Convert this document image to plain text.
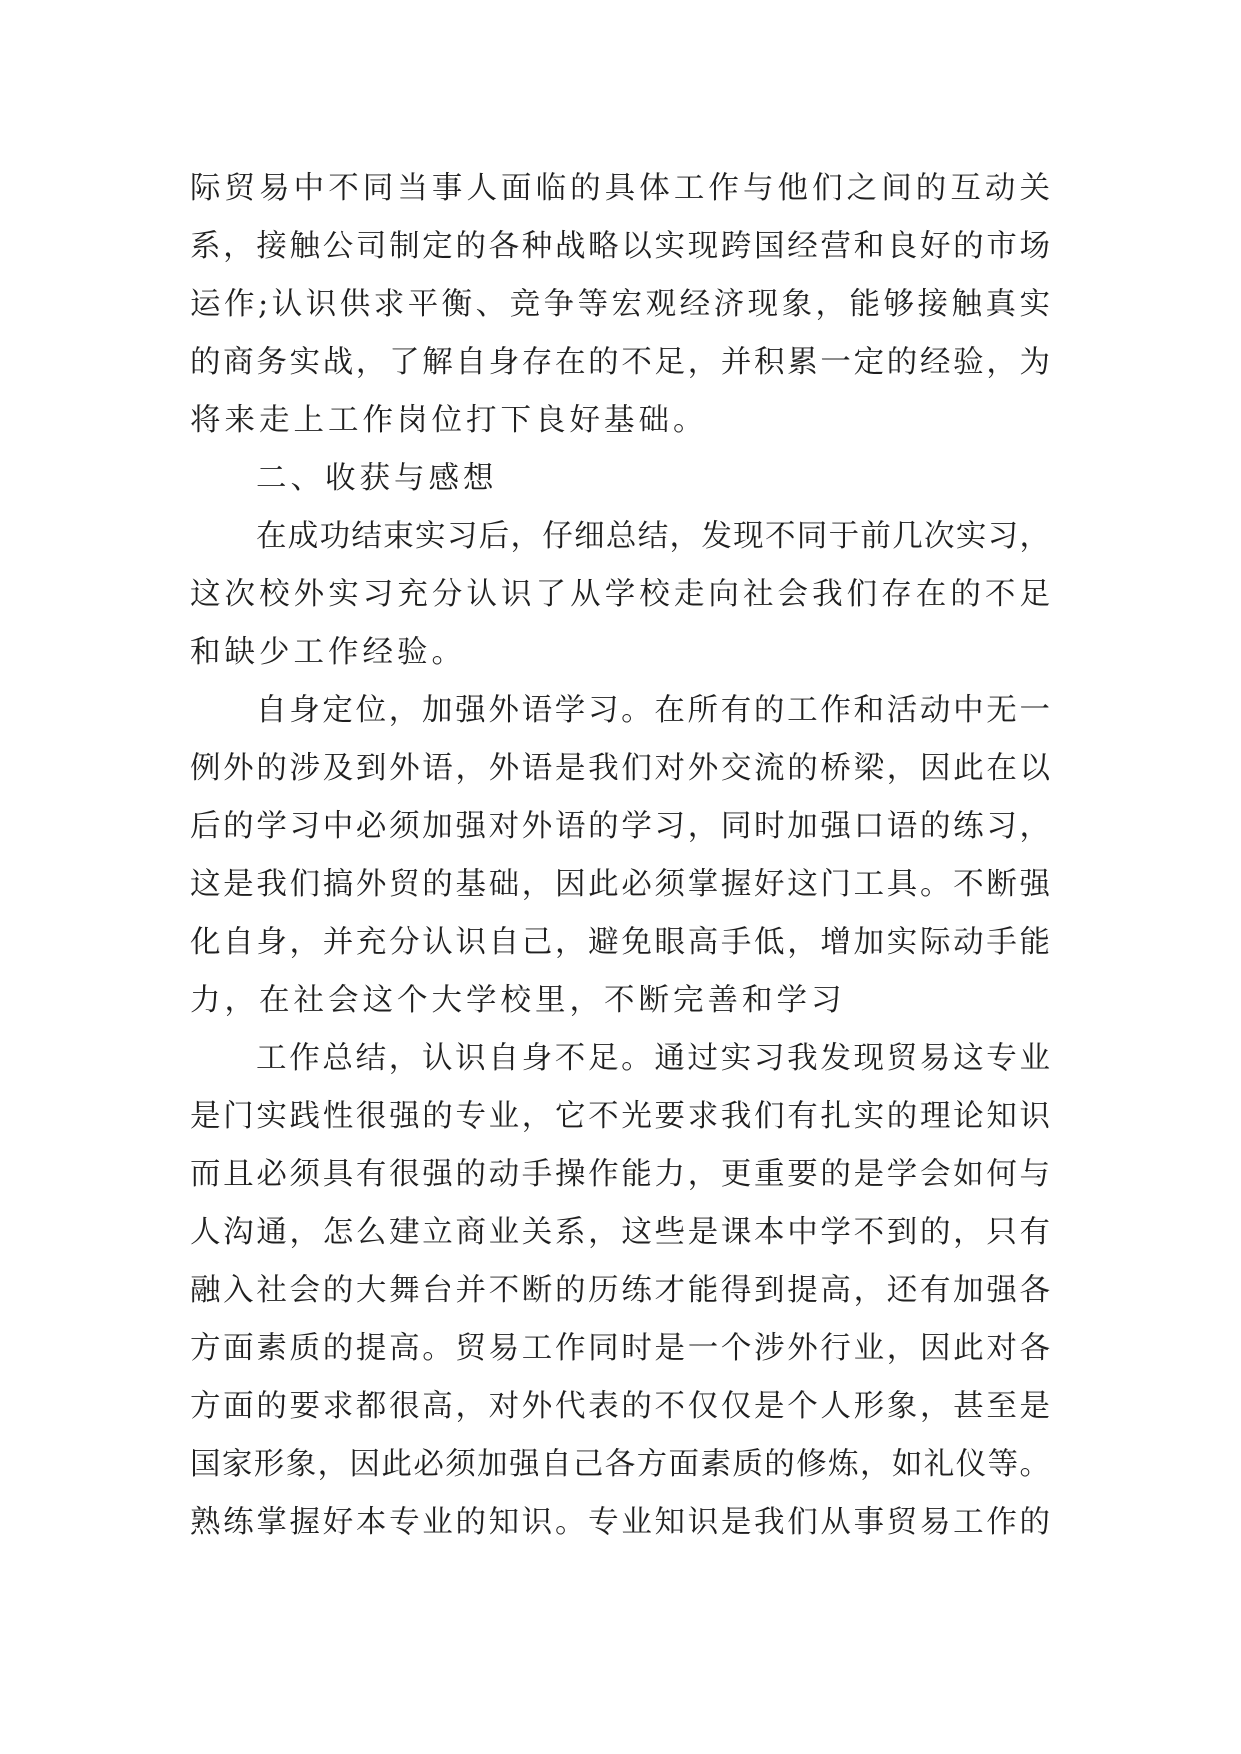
际贸易中不同当事人面临的具体工作与他们之间的互动关
系，接触公司制定的各种战略以实现跨国经营和良好的市场
运作;认识供求平衡、竞争等宏观经济现象，能够接触真实
的商务实战，了解自身存在的不足，并积累一定的经验，为
将来走上工作岗位打下良好基础。
二、收获与感想
在成功结束实习后，仔细总结，发现不同于前几次实习，
这次校外实习充分认识了从学校走向社会我们存在的不足
和缺少工作经验。
自身定位，加强外语学习。在所有的工作和活动中无一
例外的涉及到外语，外语是我们对外交流的桥梁，因此在以
后的学习中必须加强对外语的学习，同时加强口语的练习，
这是我们搞外贸的基础，因此必须掌握好这门工具。不断强
化自身，并充分认识自己，避免眼高手低，增加实际动手能
力，在社会这个大学校里，不断完善和学习
工作总结，认识自身不足。通过实习我发现贸易这专业
是门实践性很强的专业，它不光要求我们有扎实的理论知识
而且必须具有很强的动手操作能力，更重要的是学会如何与
人沟通，怎么建立商业关系，这些是课本中学不到的，只有
融入社会的大舞台并不断的历练才能得到提高，还有加强各
方面素质的提高。贸易工作同时是一个涉外行业，因此对各
方面的要求都很高，对外代表的不仅仅是个人形象，甚至是
国家形象，因此必须加强自己各方面素质的修炼，如礼仪等。
熟练掌握好本专业的知识。专业知识是我们从事贸易工作的
